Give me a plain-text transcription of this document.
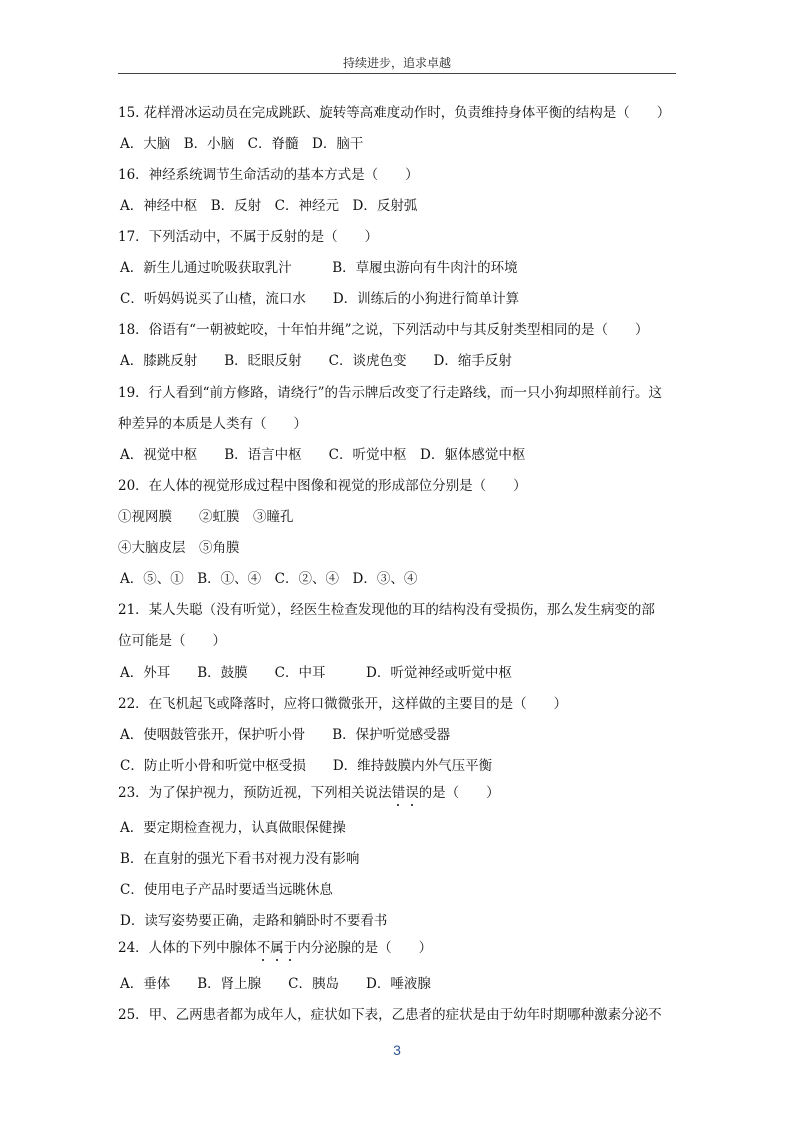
持续进步，追求卓越
15. 花样滑冰运动员在完成跳跃、旋转等高难度动作时，负责维持身体平衡的结构是（　　）
A．大脑　B．小脑　C．脊髓　D．脑干
16．神经系统调节生命活动的基本方式是（　　）
A．神经中枢　B．反射　C．神经元　D．反射弧
17．下列活动中，不属于反射的是（　　）
A．新生儿通过吮吸获取乳汁　　　B．草履虫游向有牛肉汁的环境
C．听妈妈说买了山楂，流口水　　D．训练后的小狗进行简单计算
18．俗语有“一朝被蛇咬，十年怕井绳”之说，下列活动中与其反射类型相同的是（　　）
A．膝跳反射　　B．眨眼反射　　C．谈虎色变　　D．缩手反射
19．行人看到“前方修路，请绕行”的告示牌后改变了行走路线，而一只小狗却照样前行。这
种差异的本质是人类有（　　）
A．视觉中枢　　B．语言中枢　　C．听觉中枢　D．躯体感觉中枢
20．在人体的视觉形成过程中图像和视觉的形成部位分别是（　　）
①视网膜　　②虹膜　③瞳孔
④大脑皮层　⑤角膜
A．⑤、①　B．①、④　C．②、④　D．③、④
21．某人失聪（没有听觉），经医生检查发现他的耳的结构没有受损伤，那么发生病变的部
位可能是（　　）
A．外耳　　B．鼓膜　　C．中耳　　　D．听觉神经或听觉中枢
22．在飞机起飞或降落时，应将口微微张开，这样做的主要目的是（　　）
A．使咽鼓管张开，保护听小骨　　B．保护听觉感受器
C．防止听小骨和听觉中枢受损　　D．维持鼓膜内外气压平衡
23．为了保护视力，预防近视，下列相关说法错误的是（　　）
A．要定期检查视力，认真做眼保健操
B．在直射的强光下看书对视力没有影响
C．使用电子产品时要适当远眺休息
D．读写姿势要正确，走路和躺卧时不要看书
24．人体的下列中腺体不属于内分泌腺的是（　　）
A．垂体　　B．肾上腺　　C．胰岛　　D．唾液腺
25．甲、乙两患者都为成年人，症状如下表，乙患者的症状是由于幼年时期哪种激素分泌不
3
